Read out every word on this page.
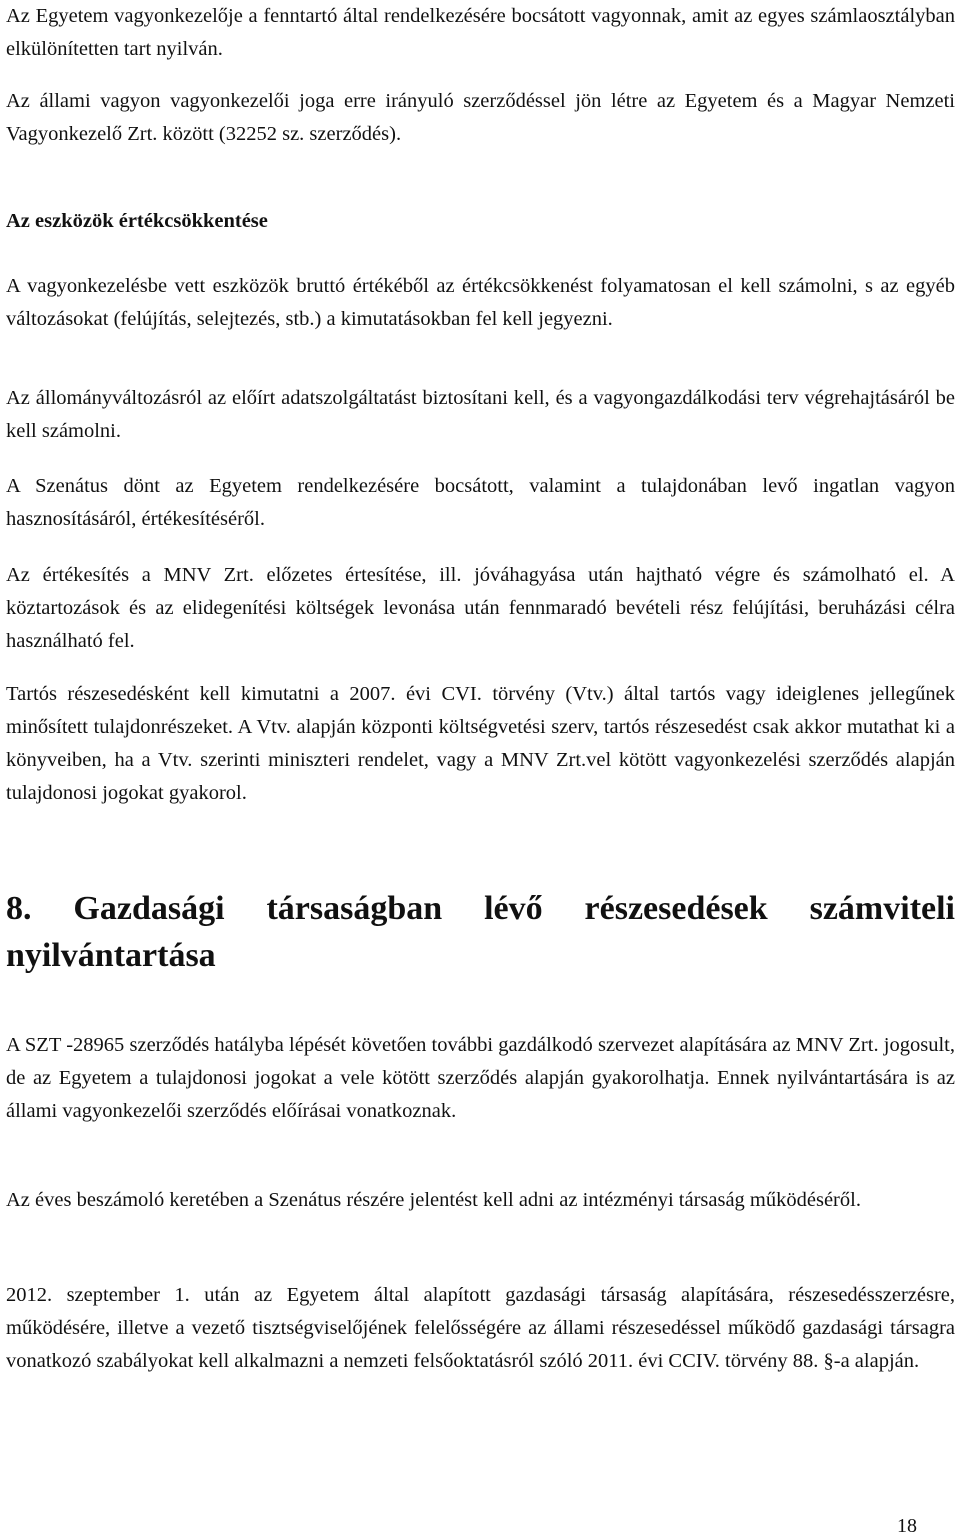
Az Egyetem vagyonkezelője a fenntartó által rendelkezésére bocsátott vagyonnak, amit az egyes számlaosztályban elkülönítetten tart nyilván.

Az állami vagyon vagyonkezelői joga erre irányuló szerződéssel jön létre az Egyetem és a Magyar Nemzeti Vagyonkezelő Zrt. között (32252 sz. szerződés).

Az eszközök értékcsökkentése

A vagyonkezelésbe vett eszközök bruttó értékéből az értékcsökkenést folyamatosan el kell számolni, s az egyéb változásokat (felújítás, selejtezés, stb.) a kimutatásokban fel kell jegyezni.

Az állományváltozásról az előírt adatszolgáltatást biztosítani kell, és a vagyongazdálkodási terv végrehajtásáról be kell számolni.

A Szenátus dönt az Egyetem rendelkezésére bocsátott, valamint a tulajdonában levő ingatlan vagyon hasznosításáról, értékesítéséről.

Az értékesítés a MNV Zrt. előzetes értesítése, ill. jóváhagyása után hajtható végre és számolható el. A köztartozások és az elidegenítési költségek levonása után fennmaradó bevételi rész felújítási, beruházási célra használható fel.

Tartós részesedésként kell kimutatni a 2007. évi CVI. törvény (Vtv.) által tartós vagy ideiglenes jellegűnek minősített tulajdonrészeket. A Vtv. alapján központi költségvetési szerv, tartós részesedést csak akkor mutathat ki a könyveiben, ha a Vtv. szerinti miniszteri rendelet, vagy a MNV Zrt.vel kötött vagyonkezelési szerződés alapján tulajdonosi jogokat gyakorol.

8. Gazdasági társaságban lévő részesedések számviteli nyilvántartása

A SZT -28965 szerződés hatályba lépését követően további gazdálkodó szervezet alapítására az MNV Zrt. jogosult, de az Egyetem a tulajdonosi jogokat a vele kötött szerződés alapján gyakorolhatja. Ennek nyilvántartására is az állami vagyonkezelői szerződés előírásai vonatkoznak.

Az éves beszámoló keretében a Szenátus részére jelentést kell adni az intézményi társaság működéséről.

2012. szeptember 1. után az Egyetem által alapított gazdasági társaság alapítására, részesedésszerzésre, működésére, illetve a vezető tisztségviselőjének felelősségére az állami részesedéssel működő gazdasági társagra vonatkozó szabályokat kell alkalmazni a nemzeti felsőoktatásról szóló 2011. évi CCIV. törvény 88. §-a alapján.

18
